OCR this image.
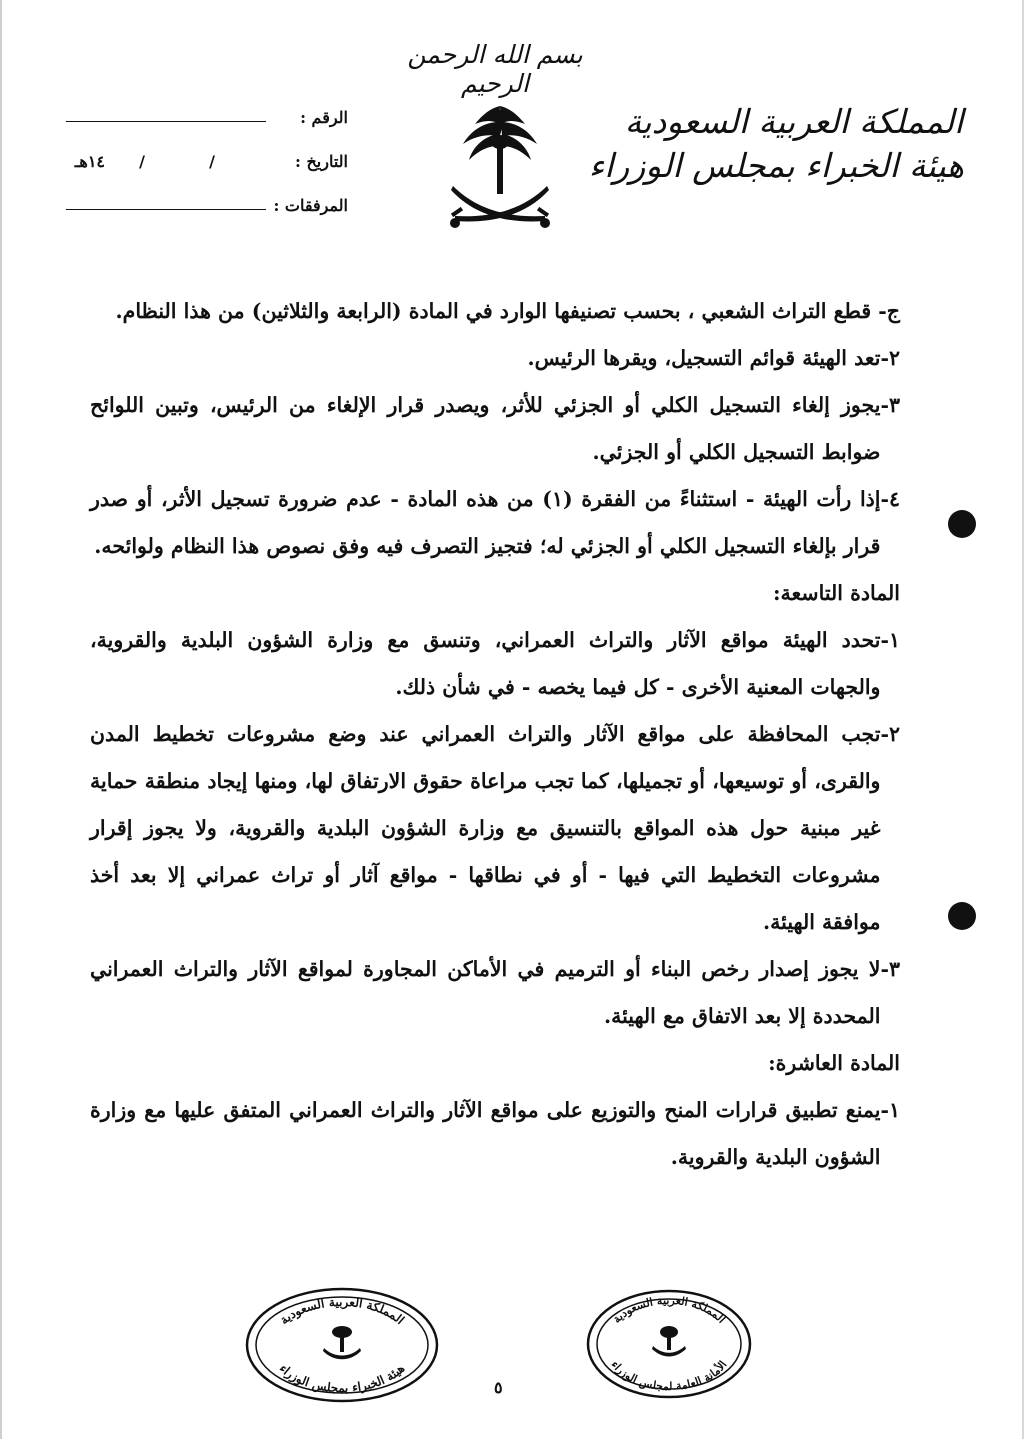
بسم الله الرحمن الرحيم
المملكة العربية السعودية
هيئة الخبراء بمجلس الوزراء
الرقم :
التاريخ :
/
/
١٤هـ
المرفقات :

ج- قطع التراث الشعبي ، بحسب تصنيفها الوارد في المادة (الرابعة والثلاثين) من هذا النظام.

٢-
تعد الهيئة قوائم التسجيل، ويقرها الرئيس.
٣-
يجوز إلغاء التسجيل الكلي أو الجزئي للأثر، ويصدر قرار الإلغاء من الرئيس، وتبين اللوائح ضوابط التسجيل الكلي أو الجزئي.
٤-
إذا رأت الهيئة - استثناءً من الفقرة (١) من هذه المادة - عدم ضرورة تسجيل الأثر، أو صدر قرار بإلغاء التسجيل الكلي أو الجزئي له؛ فتجيز التصرف فيه وفق نصوص هذا النظام ولوائحه.

المادة التاسعة:

١-
تحدد الهيئة مواقع الآثار والتراث العمراني، وتنسق مع وزارة الشؤون البلدية والقروية، والجهات المعنية الأخرى - كل فيما يخصه - في شأن ذلك.
٢-
تجب المحافظة على مواقع الآثار والتراث العمراني عند وضع مشروعات تخطيط المدن والقرى، أو توسيعها، أو تجميلها، كما تجب مراعاة حقوق الارتفاق لها، ومنها إيجاد منطقة حماية غير مبنية حول هذه المواقع بالتنسيق مع وزارة الشؤون البلدية والقروية، ولا يجوز إقرار مشروعات التخطيط التي فيها - أو في نطاقها - مواقع آثار أو تراث عمراني إلا بعد أخذ موافقة الهيئة.
٣-
لا يجوز إصدار رخص البناء أو الترميم في الأماكن المجاورة لمواقع الآثار والتراث العمراني المحددة إلا بعد الاتفاق مع الهيئة.

المادة العاشرة:

١-
يمنع تطبيق قرارات المنح والتوزيع على مواقع الآثار والتراث العمراني المتفق عليها مع وزارة الشؤون البلدية والقروية.
المملكة العربية السعودية
هيئة الخبراء بمجلس الوزراء
المملكة العربية السعودية
الأمانة العامة لمجلس الوزراء
٥
